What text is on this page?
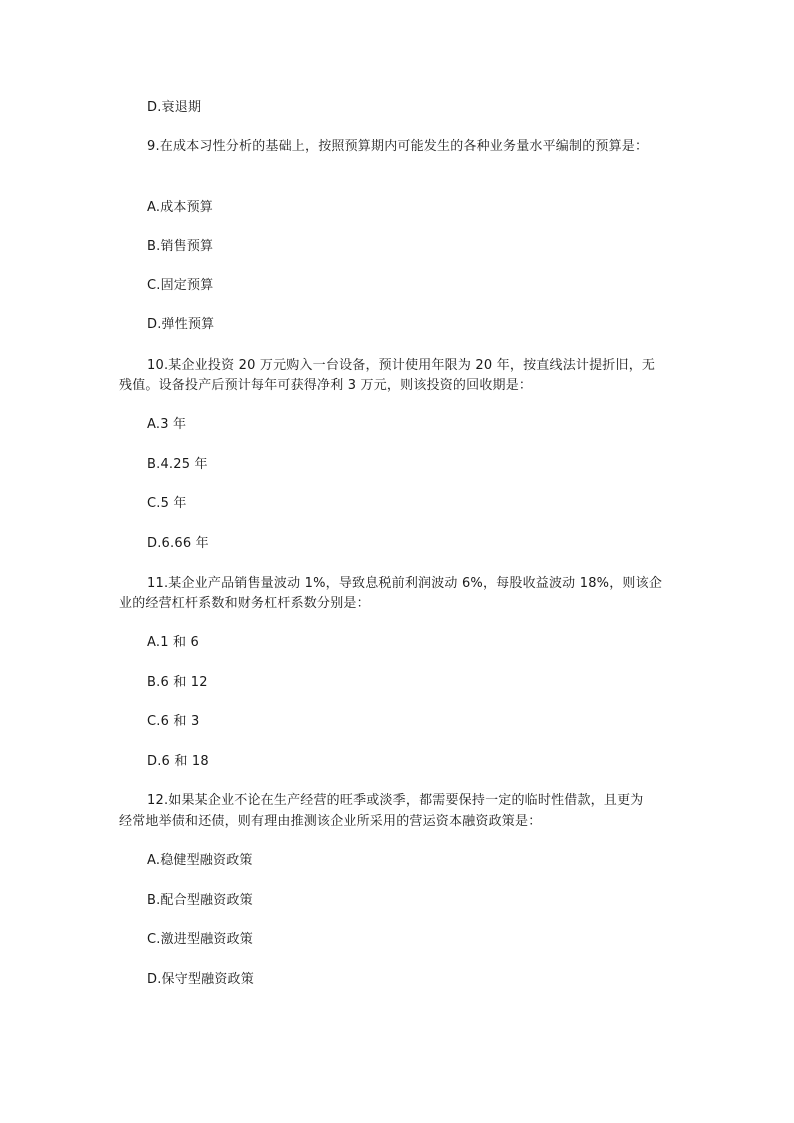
D.衰退期
9.在成本习性分析的基础上，按照预算期内可能发生的各种业务量水平编制的预算是：
A.成本预算
B.销售预算
C.固定预算
D.弹性预算
10.某企业投资 20 万元购入一台设备，预计使用年限为 20 年，按直线法计提折旧，无
残值。设备投产后预计每年可获得净利 3 万元，则该投资的回收期是：
A.3 年
B.4.25 年
C.5 年
D.6.66 年
11.某企业产品销售量波动 1%，导致息税前利润波动 6%，每股收益波动 18%，则该企
业的经营杠杆系数和财务杠杆系数分别是：
A.1 和 6
B.6 和 12
C.6 和 3
D.6 和 18
12.如果某企业不论在生产经营的旺季或淡季，都需要保持一定的临时性借款，且更为
经常地举债和还债，则有理由推测该企业所采用的营运资本融资政策是：
A.稳健型融资政策
B.配合型融资政策
C.激进型融资政策
D.保守型融资政策
